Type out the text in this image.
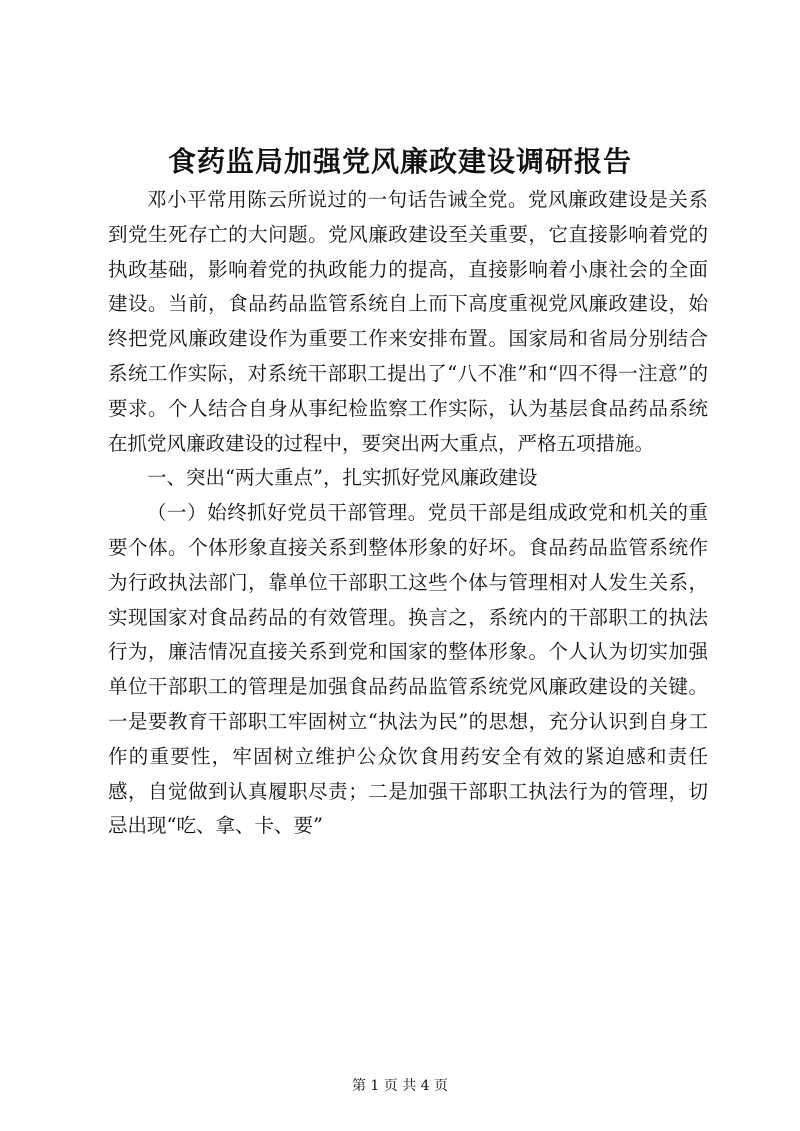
食药监局加强党风廉政建设调研报告

邓小平常用陈云所说过的一句话告诫全党。党风廉政建设是关系到党生死存亡的大问题。党风廉政建设至关重要，它直接影响着党的执政基础，影响着党的执政能力的提高，直接影响着小康社会的全面建设。当前，食品药品监管系统自上而下高度重视党风廉政建设，始终把党风廉政建设作为重要工作来安排布置。国家局和省局分别结合系统工作实际，对系统干部职工提出了“八不准”和“四不得一注意”的要求。个人结合自身从事纪检监察工作实际，认为基层食品药品系统在抓党风廉政建设的过程中，要突出两大重点，严格五项措施。

一、突出“两大重点”，扎实抓好党风廉政建设

（一）始终抓好党员干部管理。党员干部是组成政党和机关的重要个体。个体形象直接关系到整体形象的好坏。食品药品监管系统作为行政执法部门，靠单位干部职工这些个体与管理相对人发生关系，实现国家对食品药品的有效管理。换言之，系统内的干部职工的执法行为，廉洁情况直接关系到党和国家的整体形象。个人认为切实加强单位干部职工的管理是加强食品药品监管系统党风廉政建设的关键。一是要教育干部职工牢固树立“执法为民”的思想，充分认识到自身工作的重要性，牢固树立维护公众饮食用药安全有效的紧迫感和责任感，自觉做到认真履职尽责；二是加强干部职工执法行为的管理，切忌出现“吃、拿、卡、要”

第 1 页 共 4 页
